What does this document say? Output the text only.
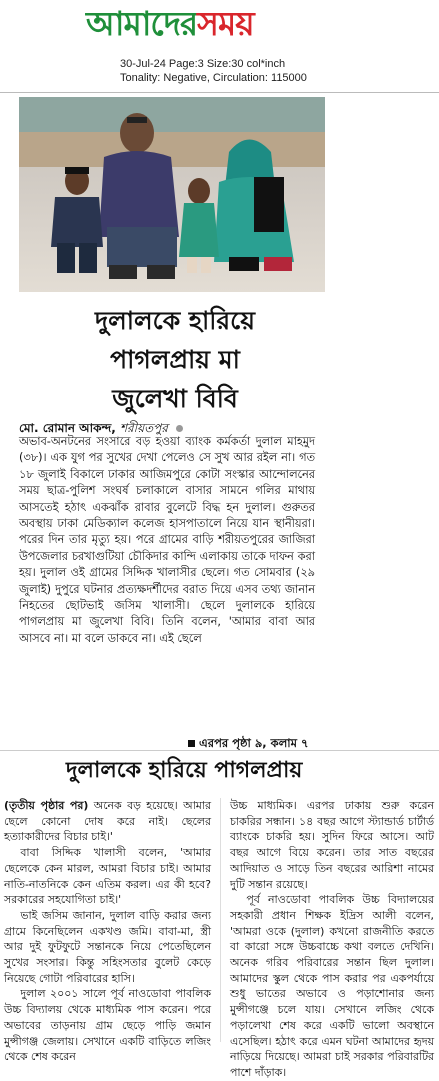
আমাদেরসময়
30-Jul-24 Page:3 Size:30 col*inch
Tonality: Negative, Circulation: 115000
দুলালকে হারিয়ে
পাগলপ্রায় মা
জুলেখা বিবি
মো. রোমান আকন্দ, শরীয়তপুর

অভাব-অনটনের সংসারে বড় হওয়া ব্যাংক কর্মকর্তা দুলাল মাহমুদ (৩৮)। এক যুগ পর সুখের দেখা পেলেও সে সুখ আর রইল না। গত ১৮ জুলাই বিকালে ঢাকার আজিমপুরে কোটা সংস্কার আন্দোলনের সময় ছাত্র-পুলিশ সংঘর্ষ চলাকালে বাসার সামনে গলির মাথায় আসতেই হঠাৎ একঝাঁক রাবার বুলেটে বিদ্ধ হন দুলাল। গুরুতর অবস্থায় ঢাকা মেডিক্যাল কলেজ হাসপাতালে নিয়ে যান স্থানীয়রা। পরের দিন তার মৃত্যু হয়। পরে গ্রামের বাড়ি শরীয়তপুরের জাজিরা উপজেলার চরখাগুটিয়া চৌকিদার কান্দি এলাকায় তাকে দাফন করা হয়। দুলাল ওই গ্রামের সিদ্দিক খালাসীর ছেলে। গত সোমবার (২৯ জুলাই) দুপুরে ঘটনার প্রত্যক্ষদর্শীদের বরাত দিয়ে এসব তথ্য জানান নিহতের ছোটভাই জসিম খালাসী। ছেলে দুলালকে হারিয়ে পাগলপ্রায় মা জুলেখা বিবি। তিনি বলেন, 'আমার বাবা আর আসবে না। মা বলে ডাকবে না। এই ছেলে

এরপর পৃষ্ঠা ৯, কলাম ৭
দুলালকে হারিয়ে পাগলপ্রায়

(তৃতীয় পৃষ্ঠার পর) অনেক বড় হয়েছে। আমার ছেলে কোনো দোষ করে নাই। ছেলের হত্যাকারীদের বিচার চাই।'

বাবা সিদ্দিক খালাসী বলেন, 'আমার ছেলেকে কেন মারল, আমরা বিচার চাই। আমার নাতি-নাতনিকে কেন এতিম করল। এর কী হবে? সরকারের সহযোগিতা চাই।'

ভাই জসিম জানান, দুলাল বাড়ি করার জন্য গ্রামে কিনেছিলেন একখণ্ড জমি। বাবা-মা, স্ত্রী আর দুই ফুটফুটে সন্তানকে নিয়ে পেতেছিলেন সুখের সংসার। কিন্তু সহিংসতার বুলেট কেড়ে নিয়েছে গোটা পরিবারের হাসি।

দুলাল ২০০১ সালে পূর্ব নাওডোবা পাবলিক উচ্চ বিদ্যালয় থেকে মাধ্যমিক পাস করেন। পরে অভাবের তাড়নায় গ্রাম ছেড়ে পাড়ি জমান মুন্সীগঞ্জ জেলায়। সেখানে একটি বাড়িতে লজিং থেকে শেষ করেন

উচ্চ মাধ্যমিক। এরপর ঢাকায় শুরু করেন চাকরির সন্ধান। ১৪ বছর আগে স্ট্যান্ডার্ড চার্টার্ড ব্যাংকে চাকরি হয়। সুদিন ফিরে আসে। আট বছর আগে বিয়ে করেন। তার সাত বছরের আদিয়াত ও সাড়ে তিন বছরের আরিশা নামের দুটি সন্তান রয়েছে।

পূর্ব নাওডোবা পাবলিক উচ্চ বিদ্যালয়ের সহকারী প্রধান শিক্ষক ইদ্রিস আলী বলেন, 'আমরা ওকে (দুলাল) কখনো রাজনীতি করতে বা কারো সঙ্গে উচ্চবাচ্চে কথা বলতে দেখিনি। অনেক গরিব পরিবারের সন্তান ছিল দুলাল। আমাদের স্কুল থেকে পাস করার পর একপর্যায়ে শুধু ভাতের অভাবে ও পড়াশোনার জন্য মুন্সীগঞ্জে চলে যায়। সেখানে লজিং থেকে পড়ালেখা শেষ করে একটি ভালো অবস্থানে এসেছিল। হঠাৎ করে এমন ঘটনা আমাদের হৃদয় নাড়িয়ে দিয়েছে। আমরা চাই সরকার পরিবারটির পাশে দাঁড়াক।
